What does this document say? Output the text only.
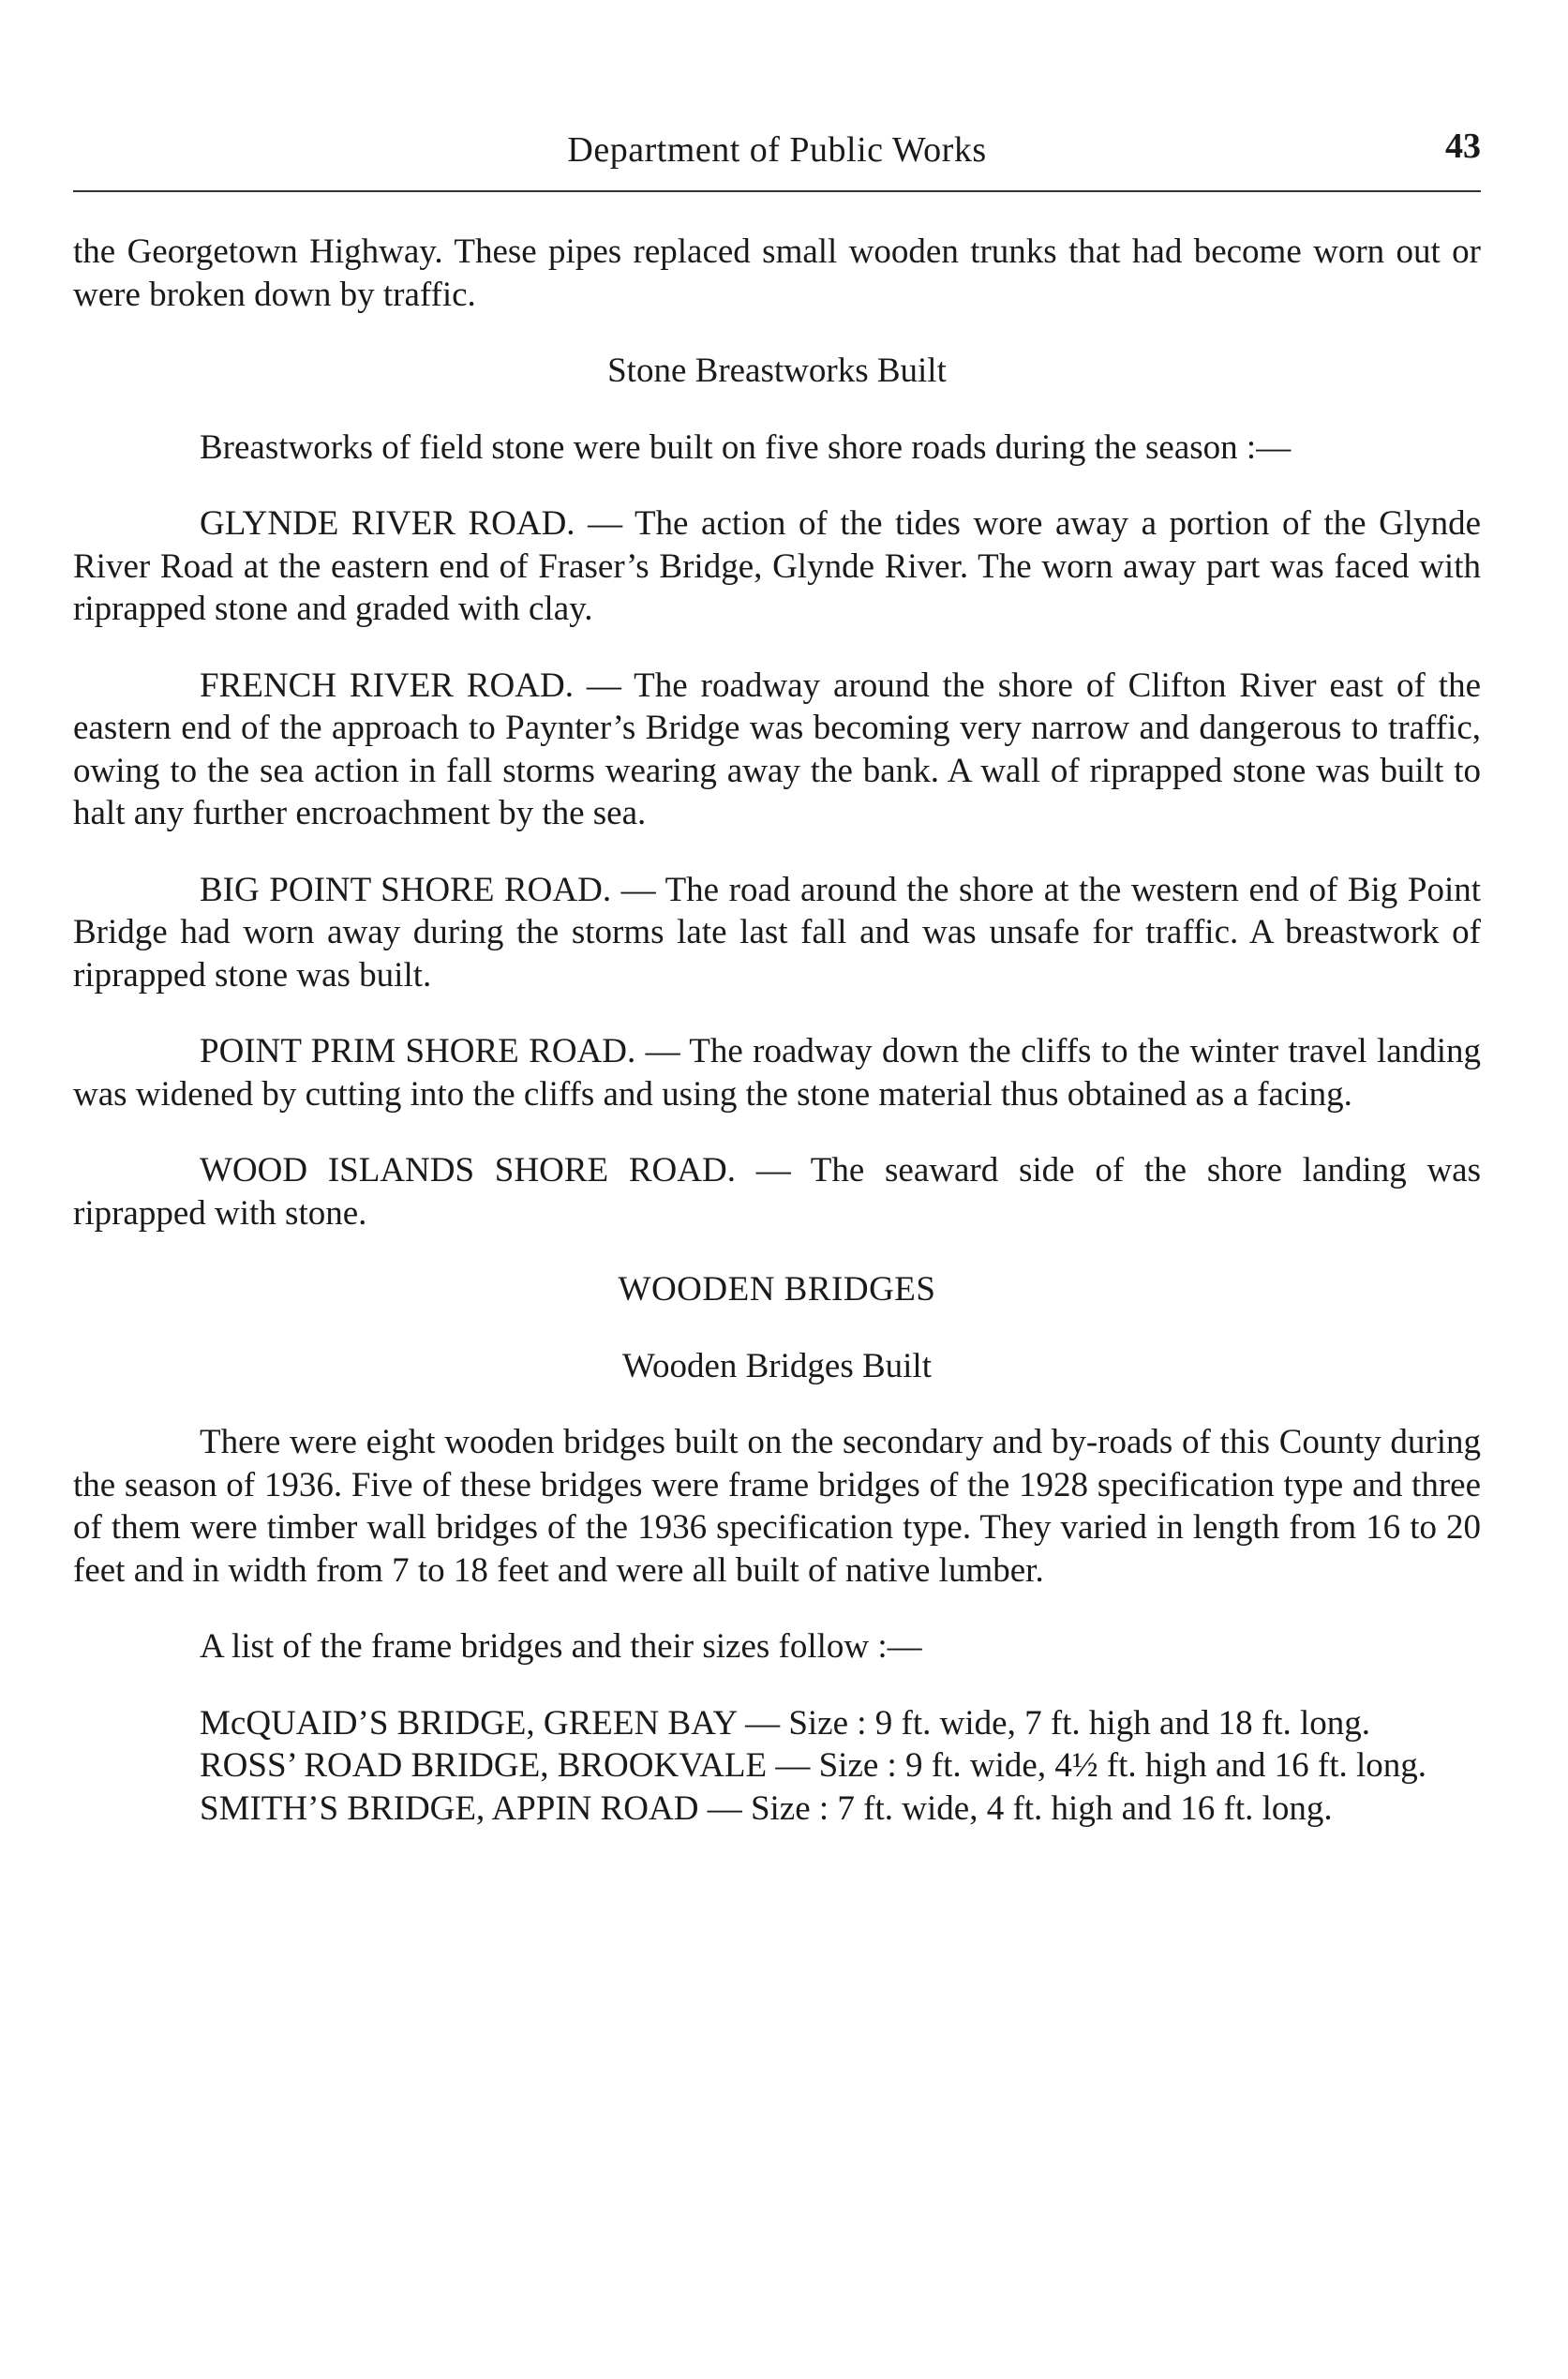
Department of Public Works	43

the Georgetown Highway. These pipes replaced small wooden trunks that had become worn out or were broken down by traffic.

Stone Breastworks Built

Breastworks of field stone were built on five shore roads during the season :—

GLYNDE RIVER ROAD. — The action of the tides wore away a portion of the Glynde River Road at the eastern end of Fraser’s Bridge, Glynde River. The worn away part was faced with riprapped stone and graded with clay.

FRENCH RIVER ROAD. — The roadway around the shore of Clifton River east of the eastern end of the approach to Paynter’s Bridge was becoming very narrow and dangerous to traffic, owing to the sea action in fall storms wearing away the bank. A wall of riprapped stone was built to halt any further encroachment by the sea.

BIG POINT SHORE ROAD. — The road around the shore at the western end of Big Point Bridge had worn away during the storms late last fall and was unsafe for traffic. A breastwork of riprapped stone was built.

POINT PRIM SHORE ROAD. — The roadway down the cliffs to the winter travel landing was widened by cutting into the cliffs and using the stone material thus obtained as a facing.

WOOD ISLANDS SHORE ROAD. — The seaward side of the shore landing was riprapped with stone.

WOODEN BRIDGES
Wooden Bridges Built

There were eight wooden bridges built on the secondary and by-roads of this County during the season of 1936. Five of these bridges were frame bridges of the 1928 specification type and three of them were timber wall bridges of the 1936 specification type. They varied in length from 16 to 20 feet and in width from 7 to 18 feet and were all built of native lumber.

A list of the frame bridges and their sizes follow :—

McQUAID’S BRIDGE, GREEN BAY — Size : 9 ft. wide, 7 ft. high and 18 ft. long.
ROSS’ ROAD BRIDGE, BROOKVALE — Size : 9 ft. wide, 4½ ft. high and 16 ft. long.
SMITH’S BRIDGE, APPIN ROAD — Size : 7 ft. wide, 4 ft. high and 16 ft. long.
